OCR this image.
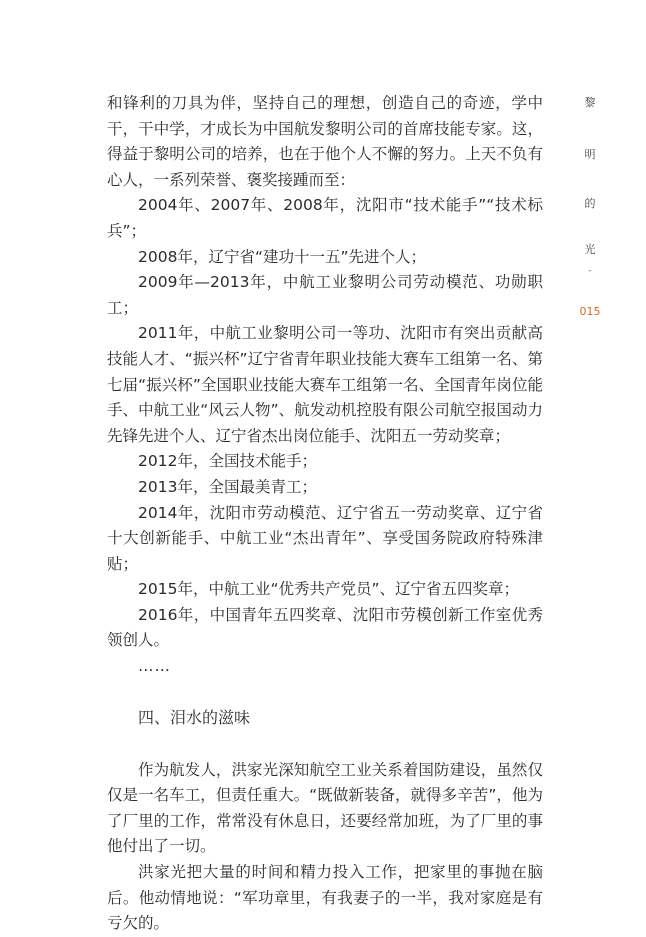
和锋利的刀具为伴，坚持自己的理想，创造自己的奇迹，学中干，干中学，才成长为中国航发黎明公司的首席技能专家。这，得益于黎明公司的培养，也在于他个人不懈的努力。上天不负有心人，一系列荣誉、褒奖接踵而至：

2004年、2007年、2008年，沈阳市“技术能手”“技术标兵”；

2008年，辽宁省“建功十一五”先进个人；

2009年—2013年，中航工业黎明公司劳动模范、功勋职工；

2011年，中航工业黎明公司一等功、沈阳市有突出贡献高技能人才、“振兴杯”辽宁省青年职业技能大赛车工组第一名、第七届“振兴杯”全国职业技能大赛车工组第一名、全国青年岗位能手、中航工业“风云人物”、航发动机控股有限公司航空报国动力先锋先进个人、辽宁省杰出岗位能手、沈阳五一劳动奖章；

2012年，全国技术能手；

2013年，全国最美青工；

2014年，沈阳市劳动模范、辽宁省五一劳动奖章、辽宁省十大创新能手、中航工业“杰出青年”、享受国务院政府特殊津贴；

2015年，中航工业“优秀共产党员”、辽宁省五四奖章；

2016年，中国青年五四奖章、沈阳市劳模创新工作室优秀领创人。

……

四、泪水的滋味

作为航发人，洪家光深知航空工业关系着国防建设，虽然仅仅是一名车工，但责任重大。“既做新装备，就得多辛苦”，他为了厂里的工作，常常没有休息日，还要经常加班，为了厂里的事他付出了一切。

洪家光把大量的时间和精力投入工作，把家里的事抛在脑后。他动情地说：“军功章里，有我妻子的一半，我对家庭是有亏欠的。

黎
明
的
光
-
015
